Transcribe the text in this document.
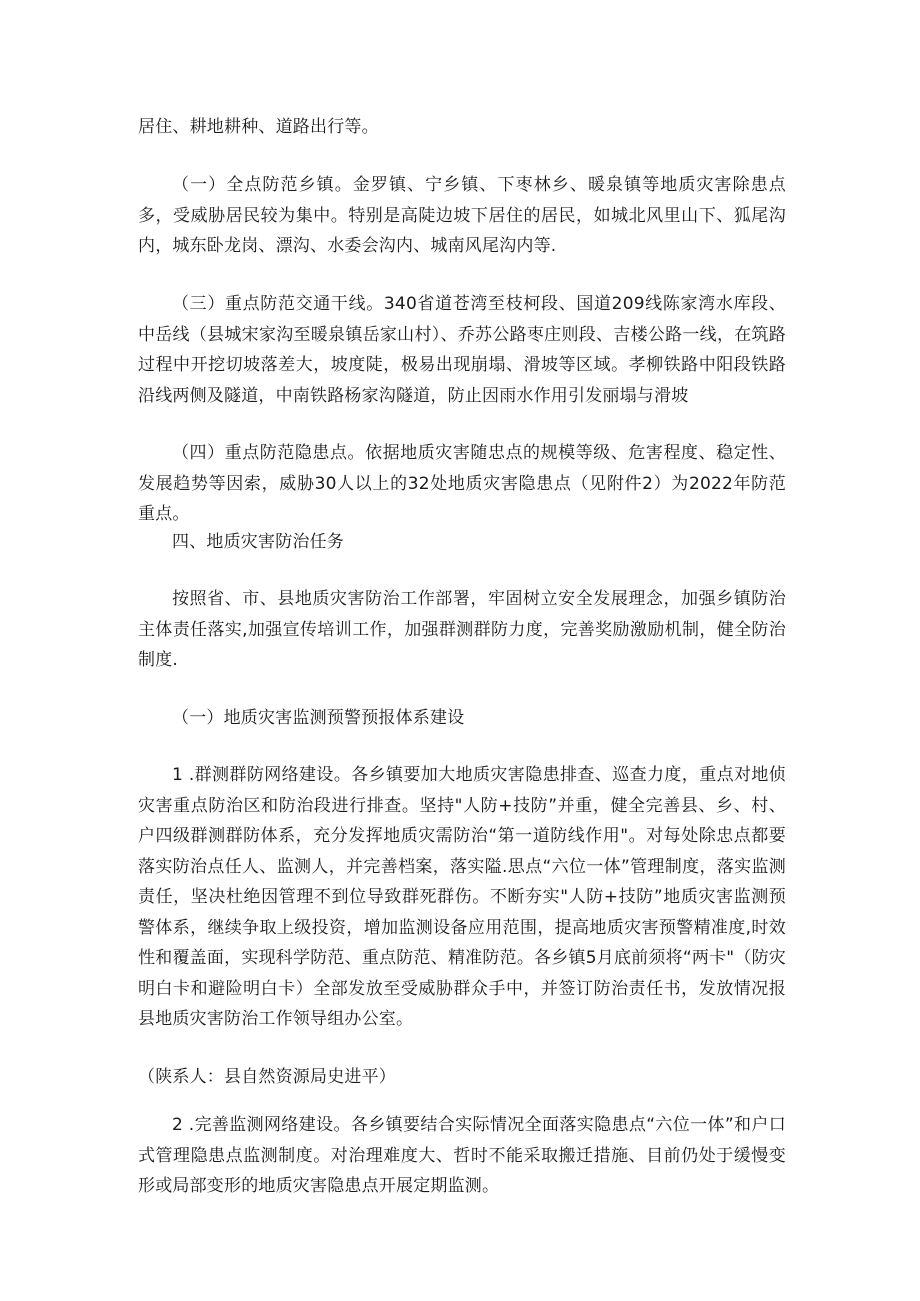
居住、耕地耕种、道路出行等。

（一）全点防范乡镇。金罗镇、宁乡镇、下枣林乡、暖泉镇等地质灾害除患点多，受威胁居民较为集中。特别是高陡边坡下居住的居民，如城北风里山下、狐尾沟内，城东卧龙岗、漂沟、水委会沟内、城南风尾沟内等.

（三）重点防范交通干线。340省道苍湾至枝柯段、国道209线陈家湾水库段、中岳线（县城宋家沟至暖泉镇岳家山村）、乔苏公路枣庄则段、吉楼公路一线，在筑路过程中开挖切坡落差大，坡度陡，极易出现崩塌、滑坡等区域。孝柳铁路中阳段铁路沿线两侧及隧道，中南铁路杨家沟隧道，防止因雨水作用引发丽塌与滑坡

（四）重点防范隐患点。依据地质灾害随忠点的规模等级、危害程度、稳定性、发展趋势等因索，威胁30人以上的32处地质灾害隐患点（见附件2）为2022年防范重点。

四、地质灾害防治任务

按照省、市、县地质灾害防治工作部署，牢固树立安全发展理念，加强乡镇防治主体责任落实,加强宣传培训工作，加强群测群防力度，完善奖励激励机制，健全防治制度.

（一）地质灾害监测预警预报体系建设

1 .群测群防网络建设。各乡镇要加大地质灾害隐患排查、巡查力度，重点对地侦灾害重点防治区和防治段进行排查。坚持"人防+技防”并重，健全完善县、乡、村、户四级群测群防体系，充分发挥地质灾需防治“第一道防线作用"。对每处除忠点都要落实防治点任人、监测人，并完善档案，落实隘.思点“六位一体”管理制度，落实监测责任，坚决杜绝因管理不到位导致群死群伤。不断夯实"人防+技防”地质灾害监测预警体系，继续争取上级投资，增加监测设备应用范围，提高地质灾害预警精准度,时效性和覆盖面，实现科学防范、重点防范、精准防范。各乡镇5月底前须将“两卡"（防灾明白卡和避险明白卡）全部发放至受威胁群众手中，并签订防治责任书，发放情况报县地质灾害防治工作领导组办公室。

（陕系人：县自然资源局史进平）

2 .完善监测网络建设。各乡镇要结合实际情况全面落实隐患点“六位一体”和户口式管理隐患点监测制度。对治理难度大、哲时不能采取搬迁措施、目前仍处于缓慢变形或局部变形的地质灾害隐患点开展定期监测。
